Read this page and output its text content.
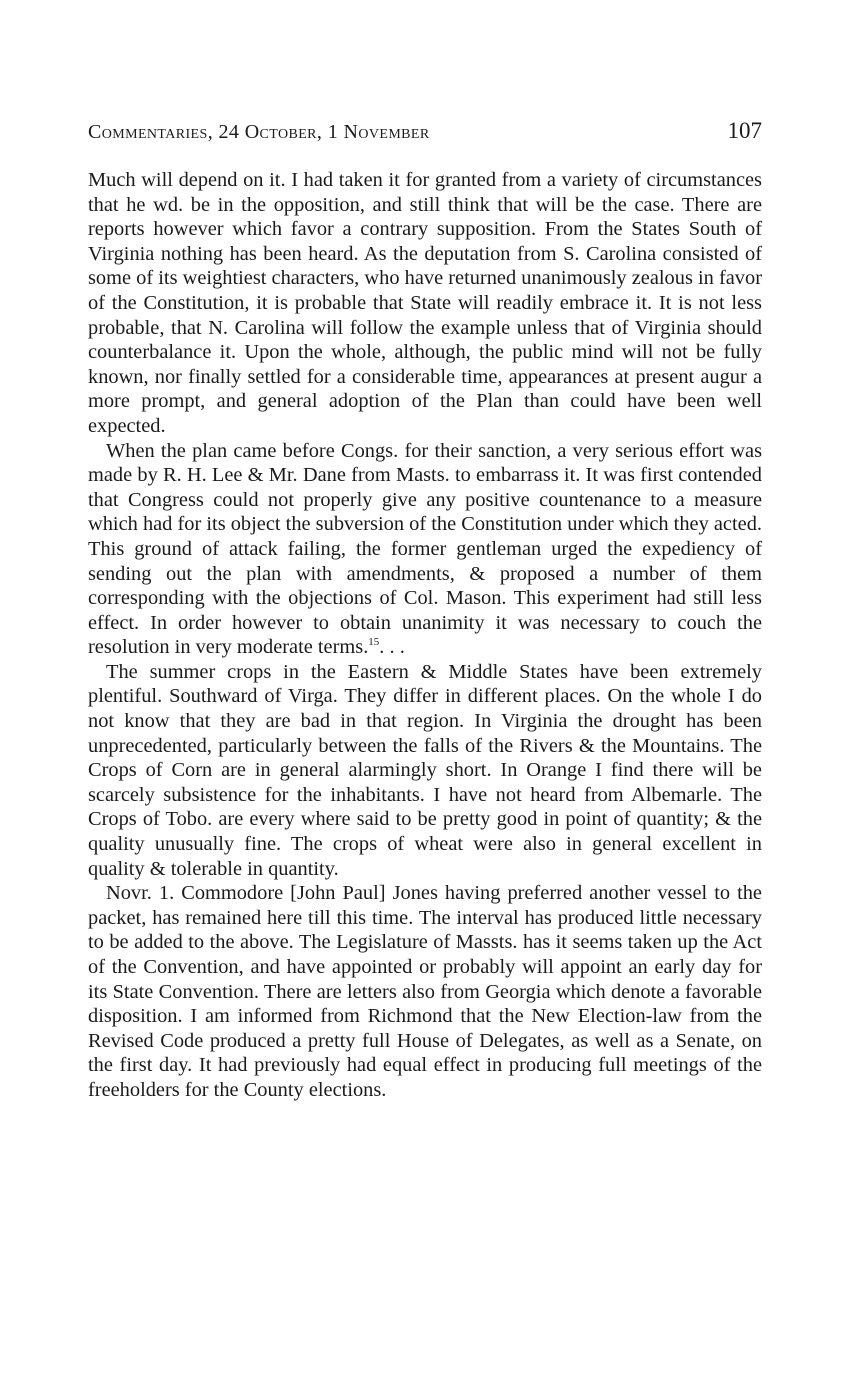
Commentaries, 24 October, 1 November	107

Much will depend on it. I had taken it for granted from a variety of circumstances that he wd. be in the opposition, and still think that will be the case. There are reports however which favor a contrary supposition. From the States South of Virginia nothing has been heard. As the deputation from S. Carolina consisted of some of its weightiest characters, who have returned unanimously zealous in favor of the Constitution, it is probable that State will readily embrace it. It is not less probable, that N. Carolina will follow the example unless that of Virginia should counterbalance it. Upon the whole, although, the public mind will not be fully known, nor finally settled for a considerable time, appearances at present augur a more prompt, and general adoption of the Plan than could have been well expected.

When the plan came before Congs. for their sanction, a very serious effort was made by R. H. Lee & Mr. Dane from Masts. to embarrass it. It was first contended that Congress could not properly give any positive countenance to a measure which had for its object the subversion of the Constitution under which they acted. This ground of attack failing, the former gentleman urged the expediency of sending out the plan with amendments, & proposed a number of them corresponding with the objections of Col. Mason. This experiment had still less effect. In order however to obtain unanimity it was necessary to couch the resolution in very moderate terms.$^{15}$. . .

The summer crops in the Eastern & Middle States have been extremely plentiful. Southward of Virga. They differ in different places. On the whole I do not know that they are bad in that region. In Virginia the drought has been unprecedented, particularly between the falls of the Rivers & the Mountains. The Crops of Corn are in general alarmingly short. In Orange I find there will be scarcely subsistence for the inhabitants. I have not heard from Albemarle. The Crops of Tobo. are every where said to be pretty good in point of quantity; & the quality unusually fine. The crops of wheat were also in general excellent in quality & tolerable in quantity.

Novr. 1. Commodore [John Paul] Jones having preferred another vessel to the packet, has remained here till this time. The interval has produced little necessary to be added to the above. The Legislature of Massts. has it seems taken up the Act of the Convention, and have appointed or probably will appoint an early day for its State Convention. There are letters also from Georgia which denote a favorable disposition. I am informed from Richmond that the New Election-law from the Revised Code produced a pretty full House of Delegates, as well as a Senate, on the first day. It had previously had equal effect in producing full meetings of the freeholders for the County elections.
